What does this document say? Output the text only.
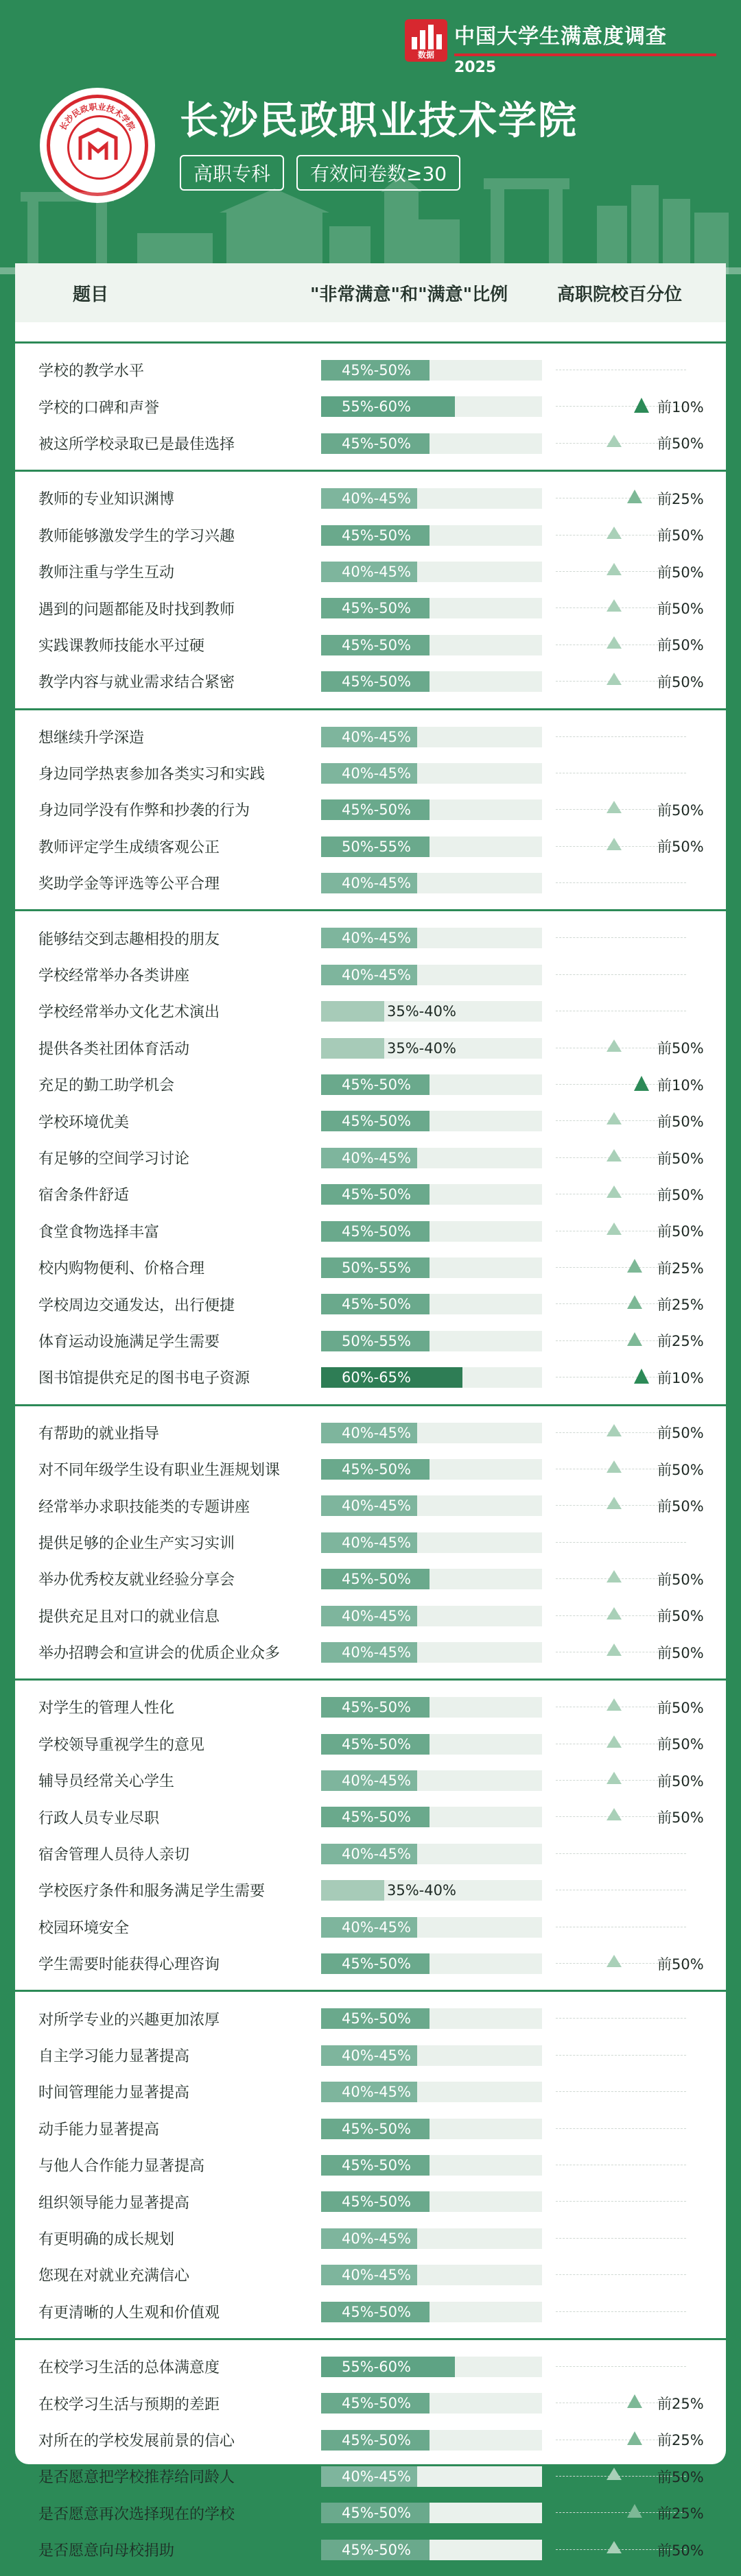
数据
中国大学生满意度调查
2025
长沙民政职业技术学院 长沙民政职业技术学院
高职专科	有效问卷数≥30
题目	"非常满意"和"满意"比例	高职院校百分位
学校的教学水平	45%-50%
学校的口碑和声誉	55%-60%	前10%
被这所学校录取已是最佳选择	45%-50%	前50%
教师的专业知识渊博	40%-45%	前25%
教师能够激发学生的学习兴趣	45%-50%	前50%
教师注重与学生互动	40%-45%	前50%
遇到的问题都能及时找到教师	45%-50%	前50%
实践课教师技能水平过硬	45%-50%	前50%
教学内容与就业需求结合紧密	45%-50%	前50%
想继续升学深造	40%-45%
身边同学热衷参加各类实习和实践	40%-45%
身边同学没有作弊和抄袭的行为	45%-50%	前50%
教师评定学生成绩客观公正	50%-55%	前50%
奖助学金等评选等公平合理	40%-45%
能够结交到志趣相投的朋友	40%-45%
学校经常举办各类讲座	40%-45%
学校经常举办文化艺术演出	35%-40%
提供各类社团体育活动	35%-40%	前50%
充足的勤工助学机会	45%-50%	前10%
学校环境优美	45%-50%	前50%
有足够的空间学习讨论	40%-45%	前50%
宿舍条件舒适	45%-50%	前50%
食堂食物选择丰富	45%-50%	前50%
校内购物便利、价格合理	50%-55%	前25%
学校周边交通发达，出行便捷	45%-50%	前25%
体育运动设施满足学生需要	50%-55%	前25%
图书馆提供充足的图书电子资源	60%-65%	前10%
有帮助的就业指导	40%-45%	前50%
对不同年级学生设有职业生涯规划课	45%-50%	前50%
经常举办求职技能类的专题讲座	40%-45%	前50%
提供足够的企业生产实习实训	40%-45%
举办优秀校友就业经验分享会	45%-50%	前50%
提供充足且对口的就业信息	40%-45%	前50%
举办招聘会和宣讲会的优质企业众多	40%-45%	前50%
对学生的管理人性化	45%-50%	前50%
学校领导重视学生的意见	45%-50%	前50%
辅导员经常关心学生	40%-45%	前50%
行政人员专业尽职	45%-50%	前50%
宿舍管理人员待人亲切	40%-45%
学校医疗条件和服务满足学生需要	35%-40%
校园环境安全	40%-45%
学生需要时能获得心理咨询	45%-50%	前50%
对所学专业的兴趣更加浓厚	45%-50%
自主学习能力显著提高	40%-45%
时间管理能力显著提高	40%-45%
动手能力显著提高	45%-50%
与他人合作能力显著提高	45%-50%
组织领导能力显著提高	45%-50%
有更明确的成长规划	40%-45%
您现在对就业充满信心	40%-45%
有更清晰的人生观和价值观	45%-50%
在校学习生活的总体满意度	55%-60%
在校学习生活与预期的差距	45%-50%	前25%
对所在的学校发展前景的信心	45%-50%	前25%
是否愿意把学校推荐给同龄人	40%-45%	前50%
是否愿意再次选择现在的学校	45%-50%	前25%
是否愿意向母校捐助	45%-50%	前50%
